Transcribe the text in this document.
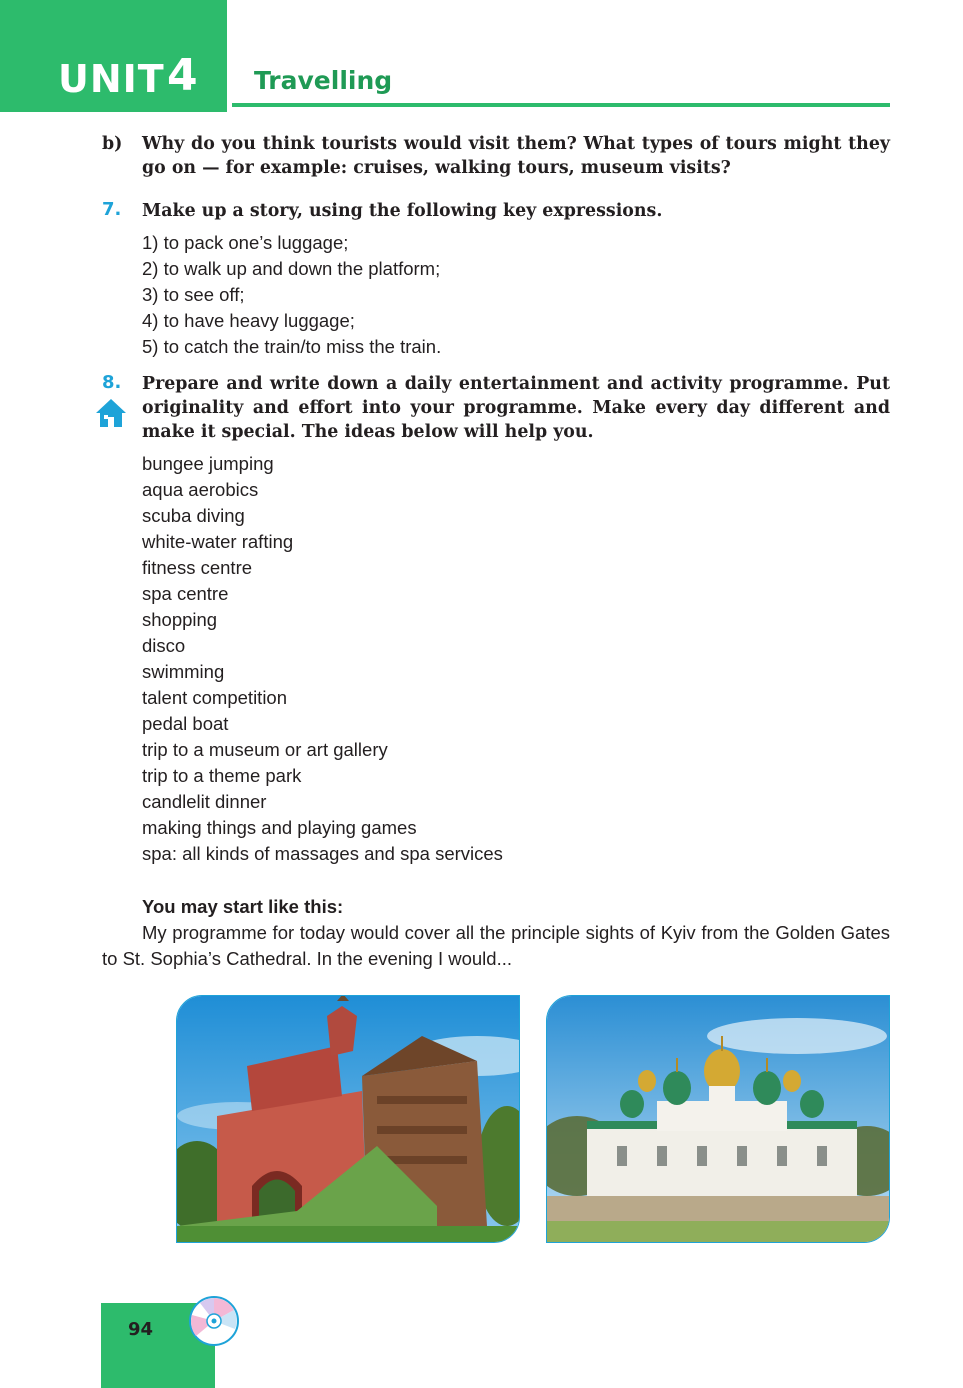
UNIT 4 Travelling
b) Why do you think tourists would visit them? What types of tours might they go on — for example: cruises, walking tours, museum visits?
7. Make up a story, using the following key expressions.
1) to pack one’s luggage;
2) to walk up and down the platform;
3) to see off;
4) to have heavy luggage;
5) to catch the train/to miss the train.
8. Prepare and write down a daily entertainment and activity programme. Put originality and effort into your programme. Make every day different and make it special. The ideas below will help you.
bungee jumping
aqua aerobics
scuba diving
white-water rafting
fitness centre
spa centre
shopping
disco
swimming
talent competition
pedal boat
trip to a museum or art gallery
trip to a theme park
candlelit dinner
making things and playing games
spa: all kinds of massages and spa services
You may start like this:
My programme for today would cover all the principle sights of Kyiv from the Golden Gates to St. Sophia’s Cathedral. In the evening I would...
94
